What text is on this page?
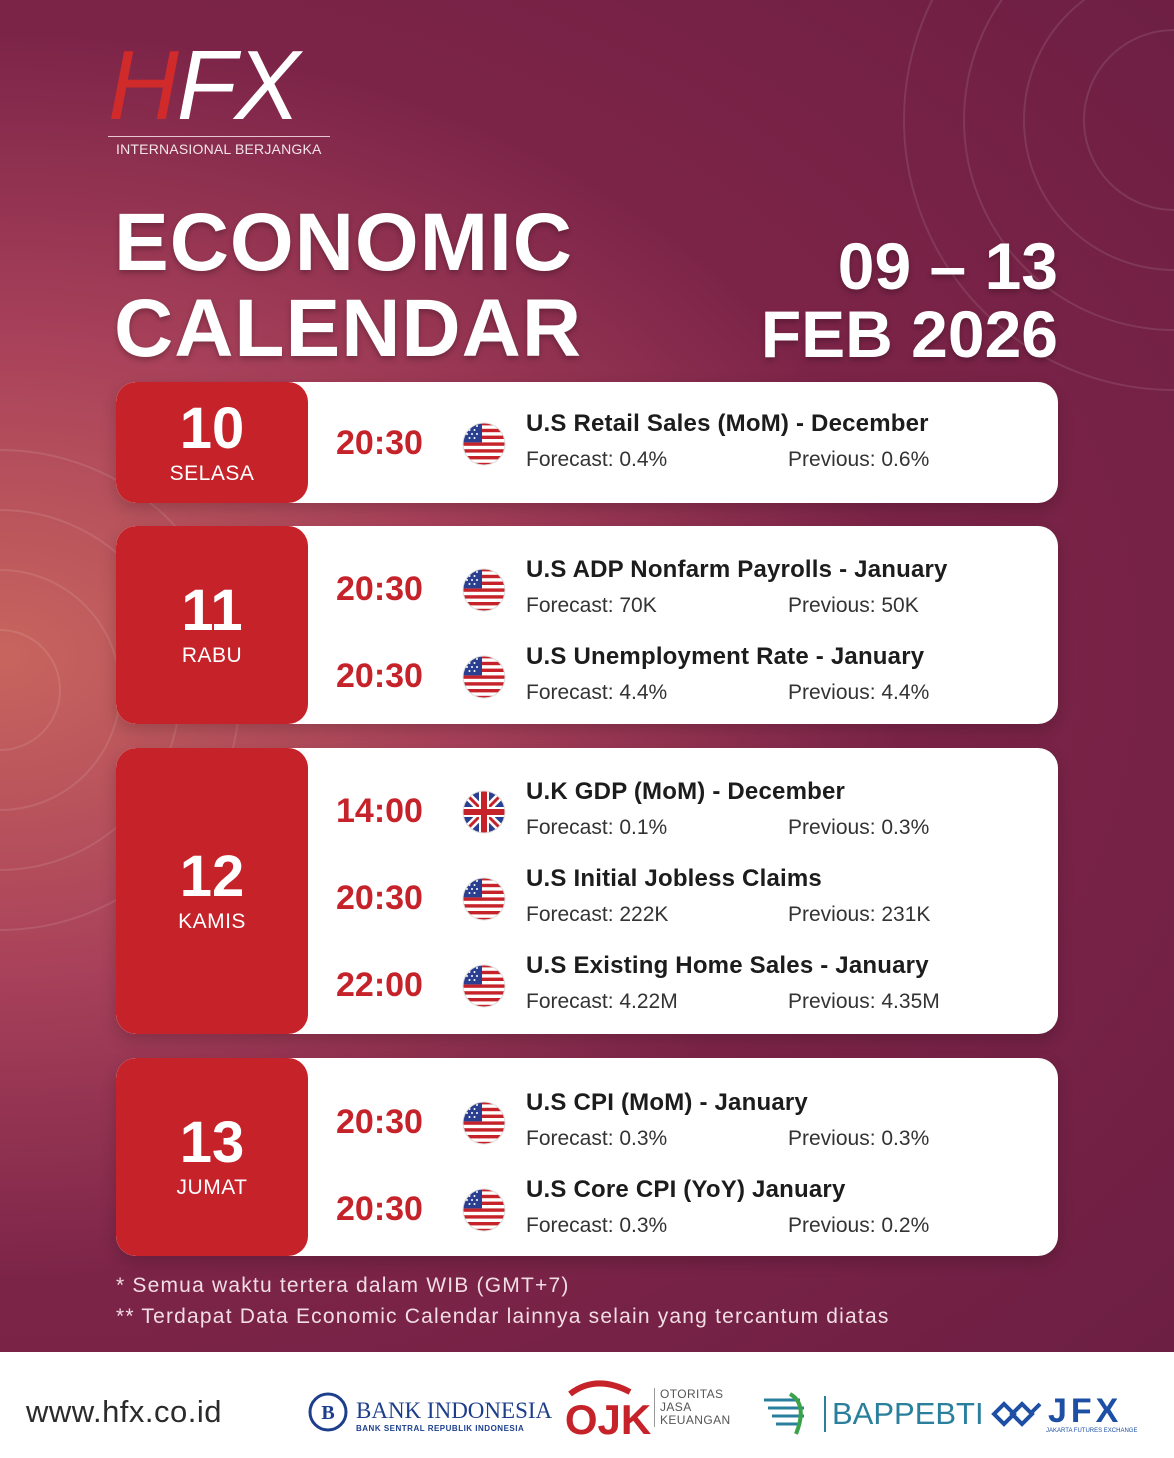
HFX
INTERNASIONAL BERJANGKA
ECONOMIC
CALENDAR
09 – 13
FEB 2026
10
SELASA
20:30
U.S Retail Sales (MoM) - December
Forecast: 0.4%	Previous: 0.6%
11
RABU
20:30
U.S ADP Nonfarm Payrolls - January
Forecast: 70K	Previous: 50K
20:30
U.S Unemployment Rate - January
Forecast: 4.4%	Previous: 4.4%
12
KAMIS
14:00
U.K GDP (MoM) - December
Forecast: 0.1%	Previous: 0.3%
20:30
U.S Initial Jobless Claims
Forecast: 222K	Previous: 231K
22:00
U.S Existing Home Sales - January
Forecast: 4.22M	Previous: 4.35M
13
JUMAT
20:30
U.S CPI (MoM) - January
Forecast: 0.3%	Previous: 0.3%
20:30
U.S Core CPI (YoY) January
Forecast: 0.3%	Previous: 0.2%
* Semua waktu tertera dalam WIB (GMT+7)
** Terdapat Data Economic Calendar lainnya selain yang tercantum diatas
www.hfx.co.id	B BANK INDONESIA
BANK SENTRAL REPUBLIK INDONESIA OJK
OTORITAS
JASA
KEUANGAN	BAPPEBTI JFX
JAKARTA FUTURES EXCHANGE
